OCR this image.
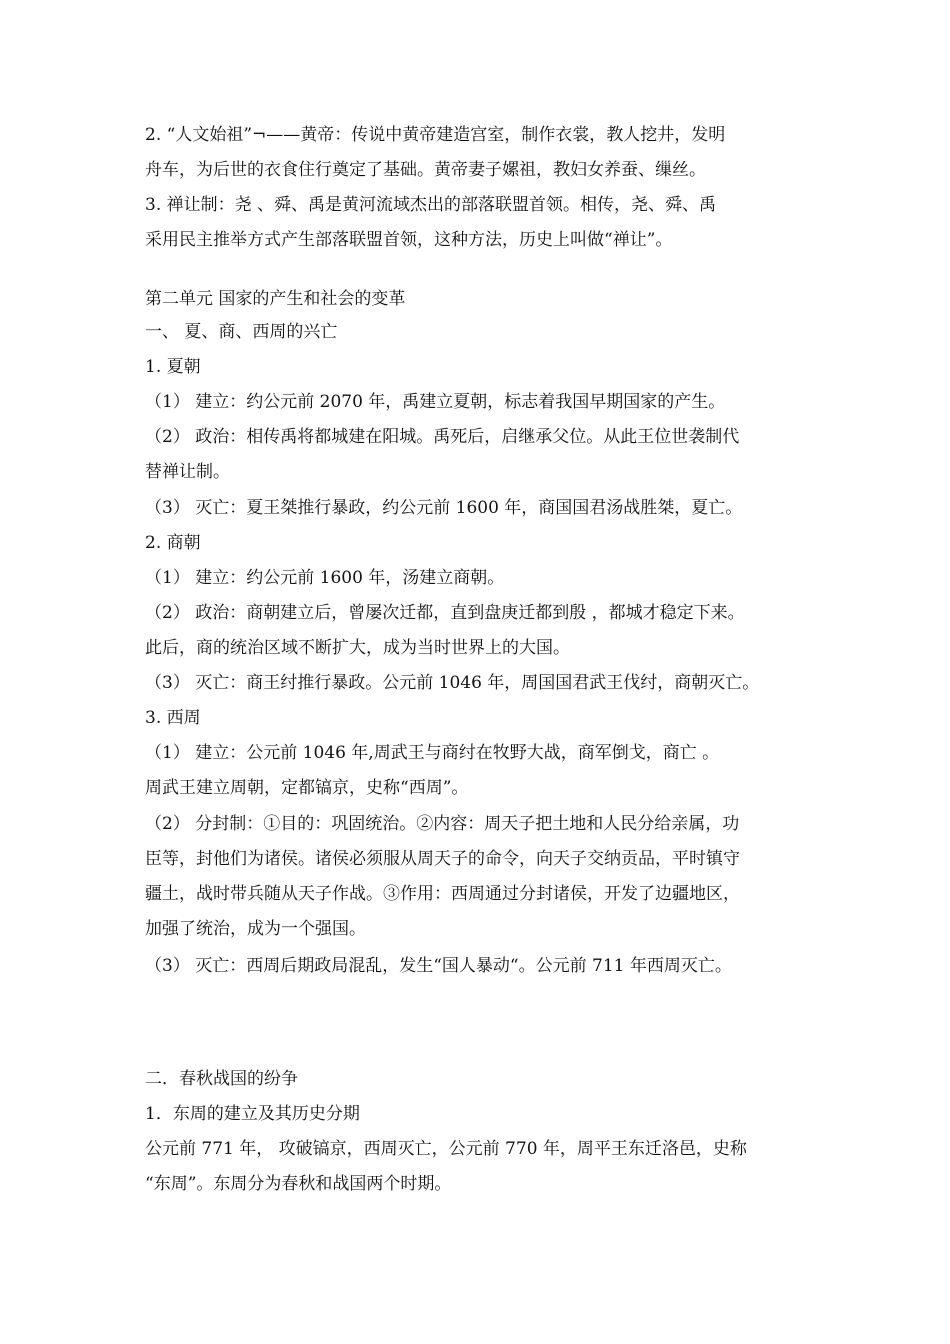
2. “人文始祖”¬——黄帝：传说中黄帝建造宫室，制作衣裳，教人挖井，发明
舟车，为后世的衣食住行奠定了基础。黄帝妻子嫘祖，教妇女养蚕、缫丝。
3. 禅让制：尧 、舜、禹是黄河流域杰出的部落联盟首领。相传，尧、舜、禹
采用民主推举方式产生部落联盟首领，这种方法，历史上叫做“禅让”。
第二单元 国家的产生和社会的变革
一、 夏、商、西周的兴亡
1. 夏朝
（1） 建立：约公元前 2070 年，禹建立夏朝，标志着我国早期国家的产生。
（2） 政治：相传禹将都城建在阳城。禹死后，启继承父位。从此王位世袭制代
替禅让制。
（3） 灭亡：夏王桀推行暴政，约公元前 1600 年，商国国君汤战胜桀，夏亡。
2. 商朝
（1） 建立：约公元前 1600 年，汤建立商朝。
（2） 政治：商朝建立后，曾屡次迁都，直到盘庚迁都到殷 ，都城才稳定下来。
此后，商的统治区域不断扩大，成为当时世界上的大国。
（3） 灭亡：商王纣推行暴政。公元前 1046 年，周国国君武王伐纣，商朝灭亡。
3. 西周
（1） 建立：公元前 1046 年,周武王与商纣在牧野大战，商军倒戈，商亡 。
周武王建立周朝，定都镐京，史称“西周”。
（2） 分封制：①目的：巩固统治。②内容：周天子把土地和人民分给亲属，功
臣等，封他们为诸侯。诸侯必须服从周天子的命令，向天子交纳贡品，平时镇守
疆土，战时带兵随从天子作战。③作用：西周通过分封诸侯，开发了边疆地区，
加强了统治，成为一个强国。
（3） 灭亡：西周后期政局混乱，发生“国人暴动“。公元前 711 年西周灭亡。
二．春秋战国的纷争
1．东周的建立及其历史分期
公元前 771 年， 攻破镐京，西周灭亡，公元前 770 年，周平王东迁洛邑，史称
“东周”。东周分为春秋和战国两个时期。
